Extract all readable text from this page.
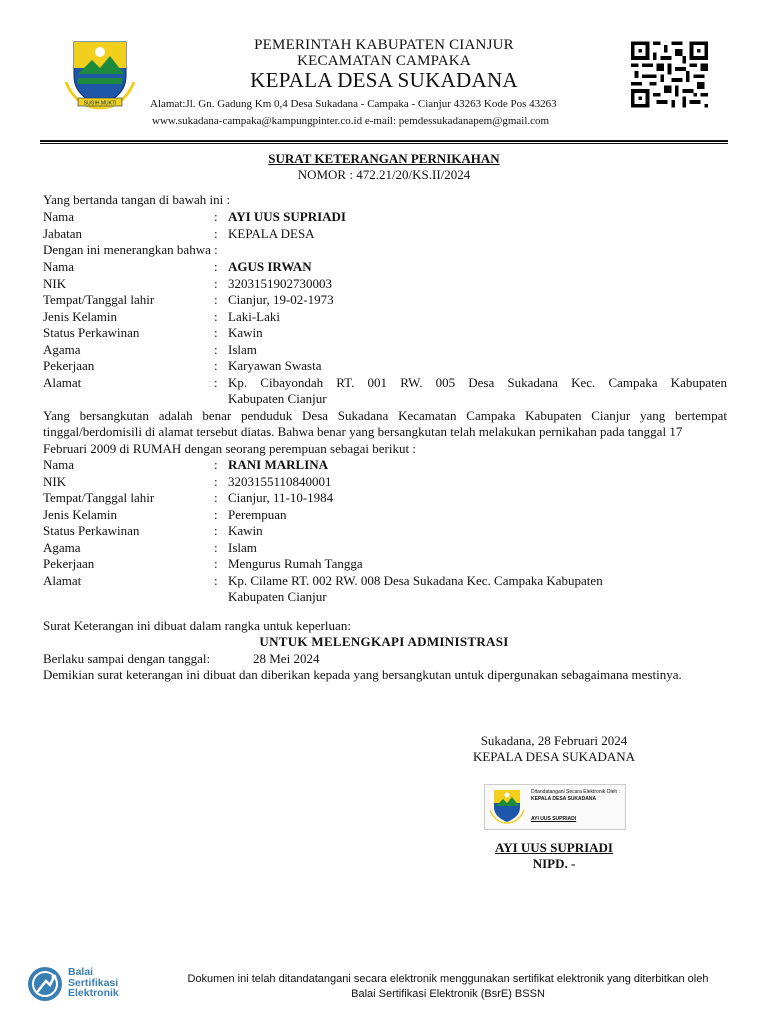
SUGIH MUKTI
PEMERINTAH KABUPATEN CIANJUR
KECAMATAN CAMPAKA
KEPALA DESA SUKADANA
Alamat:Jl. Gn. Gadung Km 0,4 Desa Sukadana - Campaka - Cianjur 43263 Kode Pos 43263
www.sukadana-campaka@kampungpinter.co.id e-mail: pemdessukadanapem@gmail.com
SURAT KETERANGAN PERNIKAHAN
NOMOR : 472.21/20/KS.II/2024
Yang bertanda tangan di bawah ini :
Nama	: AYI UUS SUPRIADI
Jabatan	: KEPALA DESA
Dengan ini menerangkan bahwa :
Nama	: AGUS IRWAN
NIK	: 3203151902730003
Tempat/Tanggal lahir	: Cianjur, 19-02-1973
Jenis Kelamin	: Laki-Laki
Status Perkawinan	: Kawin
Agama	: Islam
Pekerjaan	: Karyawan Swasta
Alamat	: Kp. Cibayondah RT. 001 RW. 005 Desa Sukadana Kec. Campaka Kabupaten
Kabupaten Cianjur
Yang bersangkutan adalah benar penduduk Desa Sukadana Kecamatan Campaka Kabupaten Cianjur yang bertempat tinggal/berdomisili di alamat tersebut diatas. Bahwa benar yang bersangkutan telah melakukan pernikahan pada tanggal 17
Februari 2009 di RUMAH dengan seorang perempuan sebagai berikut :
Nama	: RANI MARLINA
NIK	: 3203155110840001
Tempat/Tanggal lahir	: Cianjur, 11-10-1984
Jenis Kelamin	: Perempuan
Status Perkawinan	: Kawin
Agama	: Islam
Pekerjaan	: Mengurus Rumah Tangga
Alamat	: Kp. Cilame RT. 002 RW. 008 Desa Sukadana Kec. Campaka Kabupaten
Kabupaten Cianjur
Surat Keterangan ini dibuat dalam rangka untuk keperluan:
UNTUK MELENGKAPI ADMINISTRASI
Berlaku sampai dengan tanggal:	28 Mei 2024
Demikian surat keterangan ini dibuat dan diberikan kepada yang bersangkutan untuk dipergunakan sebagaimana mestinya.
Sukadana, 28 Februari 2024
KEPALA DESA SUKADANA
Ditandatangani Secara Elektronik Oleh :
KEPALA DESA SUKADANA
AYI UUS SUPRIADI
AYI UUS SUPRIADI
NIPD. -
Balai
Sertifikasi
Elektronik
Dokumen ini telah ditandatangani secara elektronik menggunakan sertifikat elektronik yang diterbitkan oleh
Balai Sertifikasi Elektronik (BsrE) BSSN
